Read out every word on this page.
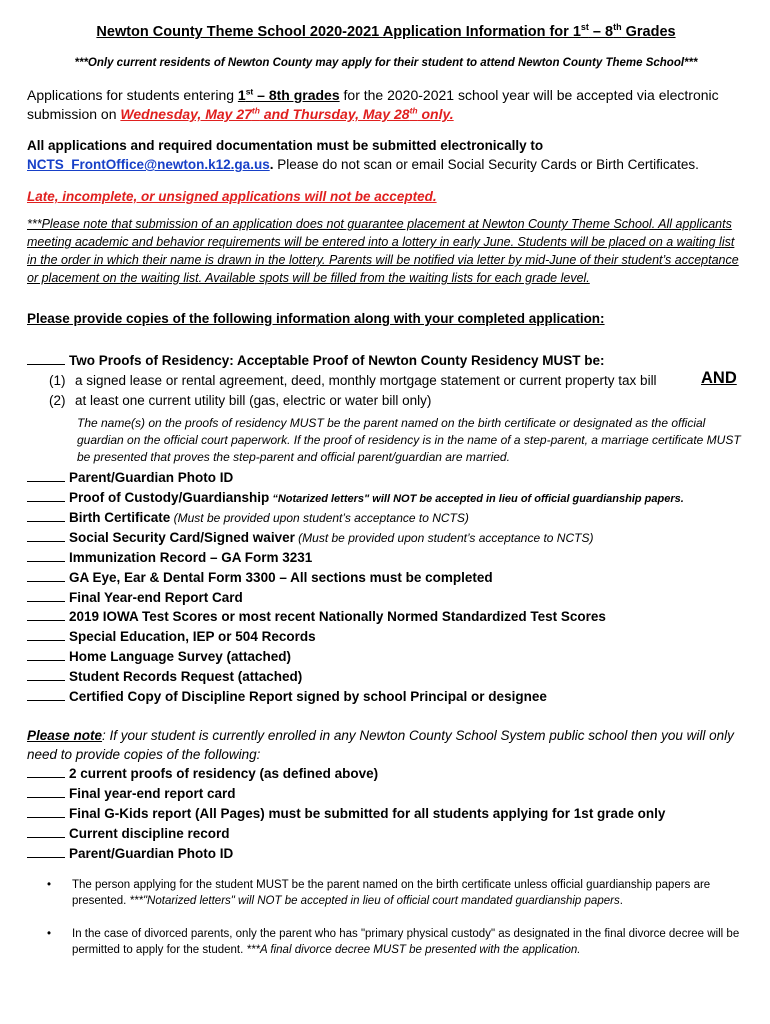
Newton County Theme School 2020-2021 Application Information for 1st – 8th Grades
***Only current residents of Newton County may apply for their student to attend Newton County Theme School***
Applications for students entering 1st – 8th grades for the 2020-2021 school year will be accepted via electronic submission on Wednesday, May 27th and Thursday, May 28th only.
All applications and required documentation must be submitted electronically to
NCTS_FrontOffice@newton.k12.ga.us. Please do not scan or email Social Security Cards or Birth Certificates.
Late, incomplete, or unsigned applications will not be accepted.
***Please note that submission of an application does not guarantee placement at Newton County Theme School. All applicants meeting academic and behavior requirements will be entered into a lottery in early June. Students will be placed on a waiting list in the order in which their name is drawn in the lottery. Parents will be notified via letter by mid-June of their student’s acceptance or placement on the waiting list. Available spots will be filled from the waiting lists for each grade level.
Please provide copies of the following information along with your completed application:
Two Proofs of Residency: Acceptable Proof of Newton County Residency MUST be:
(1) a signed lease or rental agreement, deed, monthly mortgage statement or current property tax bill	AND
(2) at least one current utility bill (gas, electric or water bill only)
The name(s) on the proofs of residency MUST be the parent named on the birth certificate or designated as the official guardian on the official court paperwork. If the proof of residency is in the name of a step-parent, a marriage certificate MUST be presented that proves the step-parent and official parent/guardian are married.
Parent/Guardian Photo ID
Proof of Custody/Guardianship “Notarized letters" will NOT be accepted in lieu of official guardianship papers.
Birth Certificate (Must be provided upon student’s acceptance to NCTS)
Social Security Card/Signed waiver (Must be provided upon student’s acceptance to NCTS)
Immunization Record – GA Form 3231
GA Eye, Ear & Dental Form 3300 – All sections must be completed
Final Year-end Report Card
2019 IOWA Test Scores or most recent Nationally Normed Standardized Test Scores
Special Education, IEP or 504 Records
Home Language Survey (attached)
Student Records Request (attached)
Certified Copy of Discipline Report signed by school Principal or designee
Please note: If your student is currently enrolled in any Newton County School System public school then you will only need to provide copies of the following:
2 current proofs of residency (as defined above)
Final year-end report card
Final G-Kids report (All Pages) must be submitted for all students applying for 1st grade only
Current discipline record
Parent/Guardian Photo ID
• The person applying for the student MUST be the parent named on the birth certificate unless official guardianship papers are presented. ***"Notarized letters" will NOT be accepted in lieu of official court mandated guardianship papers.
• In the case of divorced parents, only the parent who has "primary physical custody" as designated in the final divorce decree will be permitted to apply for the student. ***A final divorce decree MUST be presented with the application.
